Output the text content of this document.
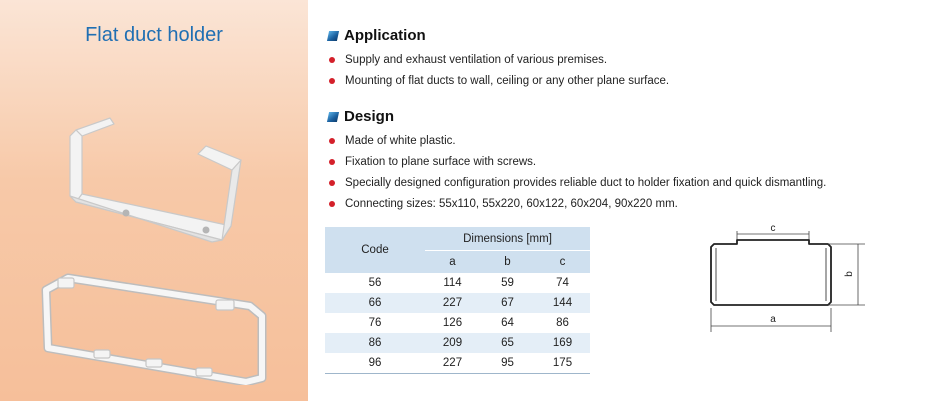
Flat duct holder	Application
Supply and exhaust ventilation of various premises.
Mounting of flat ducts to wall, ceiling or any other plane surface.
Design
Made of white plastic.
Fixation to plane surface with screws.
Specially designed configuration provides reliable duct to holder fixation and quick dismantling.
Connecting sizes: 55x110, 55x220, 60x122, 60x204, 90x220 mm.
Code	Dimensions [mm]		
	a	b	c
56	114	59	74
66	227	67	144
76	126	64	86
86	209	65	169
96	227	95	175
c
b
a
